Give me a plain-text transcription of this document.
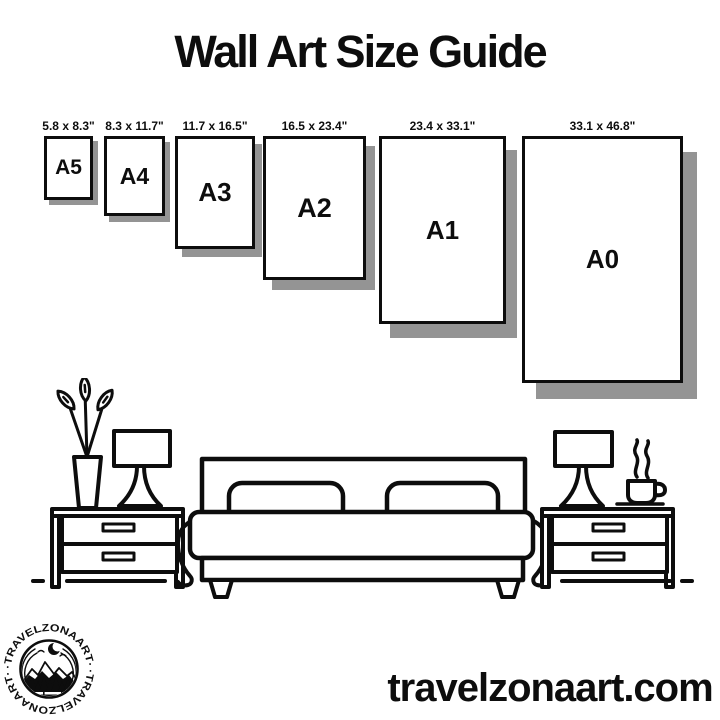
Wall Art Size Guide
5.8 x 8.3"
A5
8.3 x 11.7"
A4
11.7 x 16.5"
A3
16.5 x 23.4"
A2
23.4 x 33.1"
A1
33.1 x 46.8"
A0
·TRAVELZONAART·
·TRAVELZONAART·	travelzonaart.com
